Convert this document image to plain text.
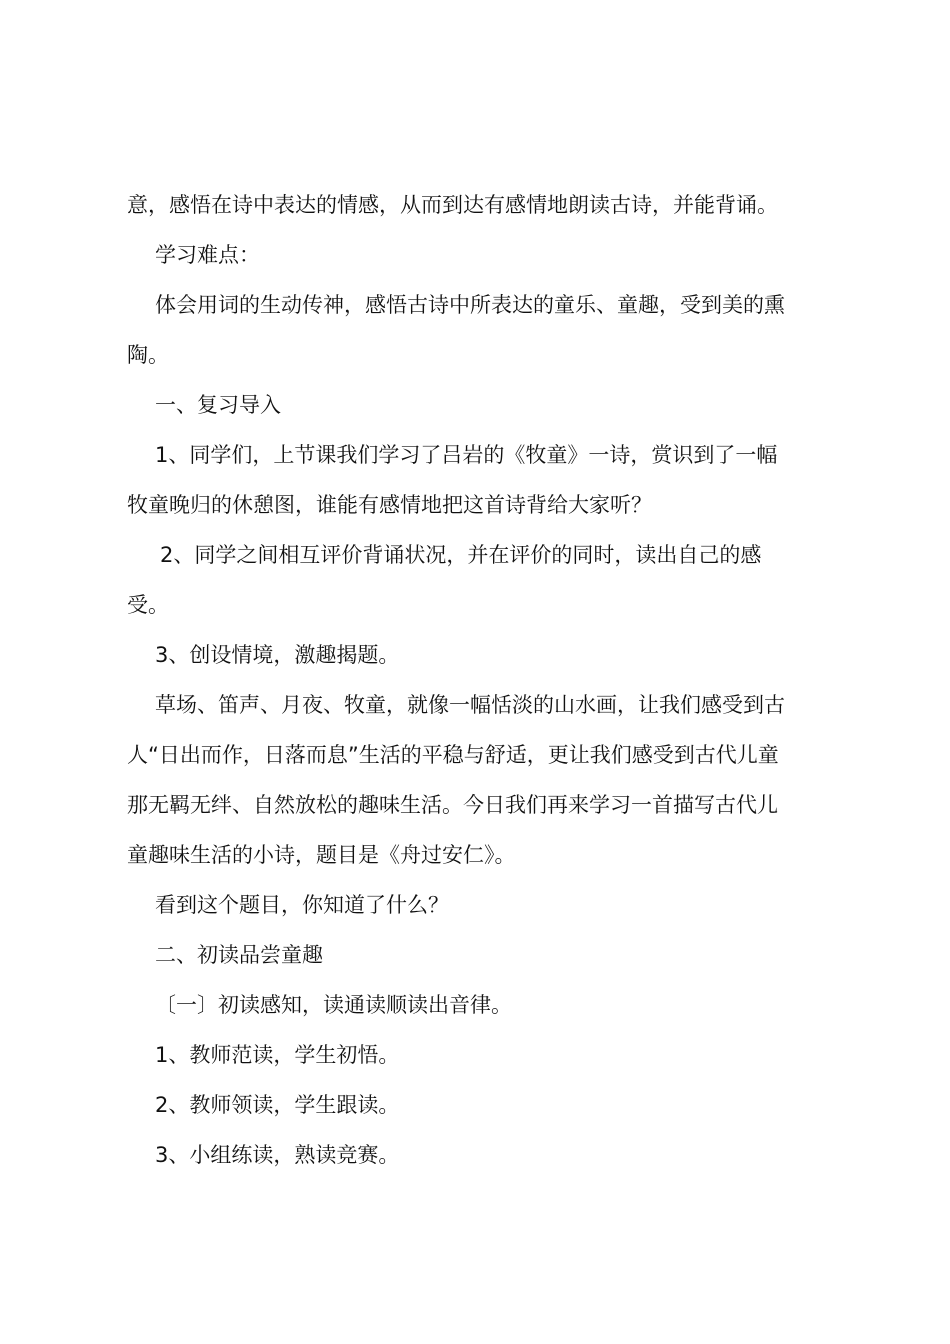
意，感悟在诗中表达的情感，从而到达有感情地朗读古诗，并能背诵。
学习难点：
体会用词的生动传神，感悟古诗中所表达的童乐、童趣，受到美的熏
陶。
一、复习导入
1、同学们，上节课我们学习了吕岩的《牧童》一诗，赏识到了一幅
牧童晚归的休憩图，谁能有感情地把这首诗背给大家听？
2、同学之间相互评价背诵状况，并在评价的同时，读出自己的感
受。
3、创设情境，激趣揭题。
草场、笛声、月夜、牧童，就像一幅恬淡的山水画，让我们感受到古
人“日出而作，日落而息”生活的平稳与舒适，更让我们感受到古代儿童
那无羁无绊、自然放松的趣味生活。今日我们再来学习一首描写古代儿
童趣味生活的小诗，题目是《舟过安仁》。
看到这个题目，你知道了什么？
二、初读品尝童趣
〔一〕初读感知，读通读顺读出音律。
1、教师范读，学生初悟。
2、教师领读，学生跟读。
3、小组练读，熟读竞赛。
